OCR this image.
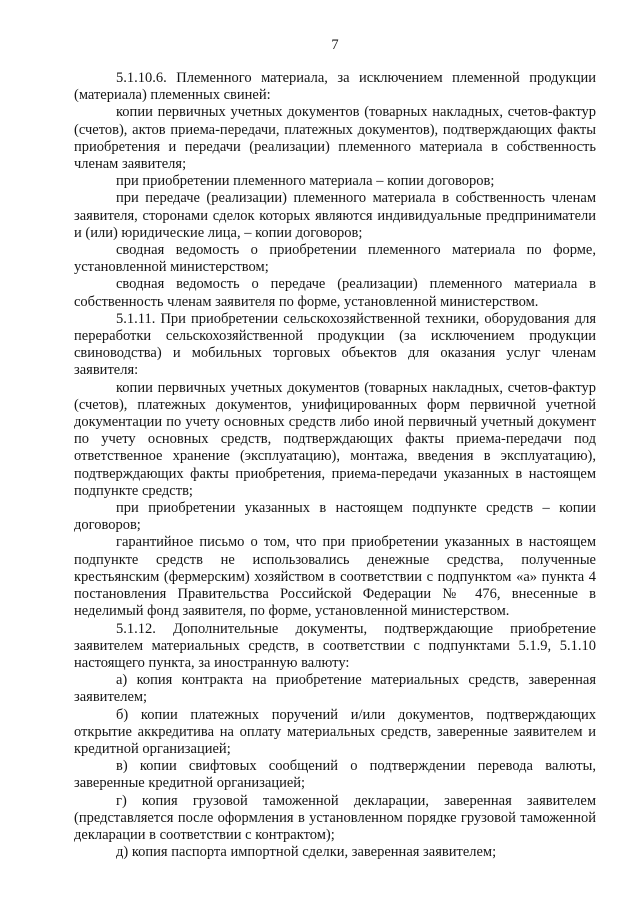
7

5.1.10.6. Племенного материала, за исключением племенной продукции (материала) племенных свиней:

копии первичных учетных документов (товарных накладных, счетов-фактур (счетов), актов приема-передачи, платежных документов), подтверждающих факты приобретения и передачи (реализации) племенного материала в собственность членам заявителя;

при приобретении племенного материала – копии договоров;

при передаче (реализации) племенного материала в собственность членам заявителя, сторонами сделок которых являются индивидуальные предприниматели и (или) юридические лица, – копии договоров;

сводная ведомость о приобретении племенного материала по форме, установленной министерством;

сводная ведомость о передаче (реализации) племенного материала в собственность членам заявителя по форме, установленной министерством.

5.1.11. При приобретении сельскохозяйственной техники, оборудования для переработки сельскохозяйственной продукции (за исключением продукции свиноводства) и мобильных торговых объектов для оказания услуг членам заявителя:

копии первичных учетных документов (товарных накладных, счетов-фактур (счетов), платежных документов, унифицированных форм первичной учетной документации по учету основных средств либо иной первичный учетный документ по учету основных средств, подтверждающих факты приема-передачи под ответственное хранение (эксплуатацию), монтажа, введения в эксплуатацию), подтверждающих факты приобретения, приема-передачи указанных в настоящем подпункте средств;

при приобретении указанных в настоящем подпункте средств – копии договоров;

гарантийное письмо о том, что при приобретении указанных в настоящем подпункте средств не использовались денежные средства, полученные крестьянским (фермерским) хозяйством в соответствии с подпунктом «а» пункта 4 постановления Правительства Российской Федерации № 476, внесенные в неделимый фонд заявителя, по форме, установленной министерством.

5.1.12. Дополнительные документы, подтверждающие приобретение заявителем материальных средств, в соответствии с подпунктами 5.1.9, 5.1.10 настоящего пункта, за иностранную валюту:

а) копия контракта на приобретение материальных средств, заверенная заявителем;

б) копии платежных поручений и/или документов, подтверждающих открытие аккредитива на оплату материальных средств, заверенные заявителем и кредитной организацией;

в) копии свифтовых сообщений о подтверждении перевода валюты, заверенные кредитной организацией;

г) копия грузовой таможенной декларации, заверенная заявителем (представляется после оформления в установленном порядке грузовой таможенной декларации в соответствии с контрактом);

д) копия паспорта импортной сделки, заверенная заявителем;
